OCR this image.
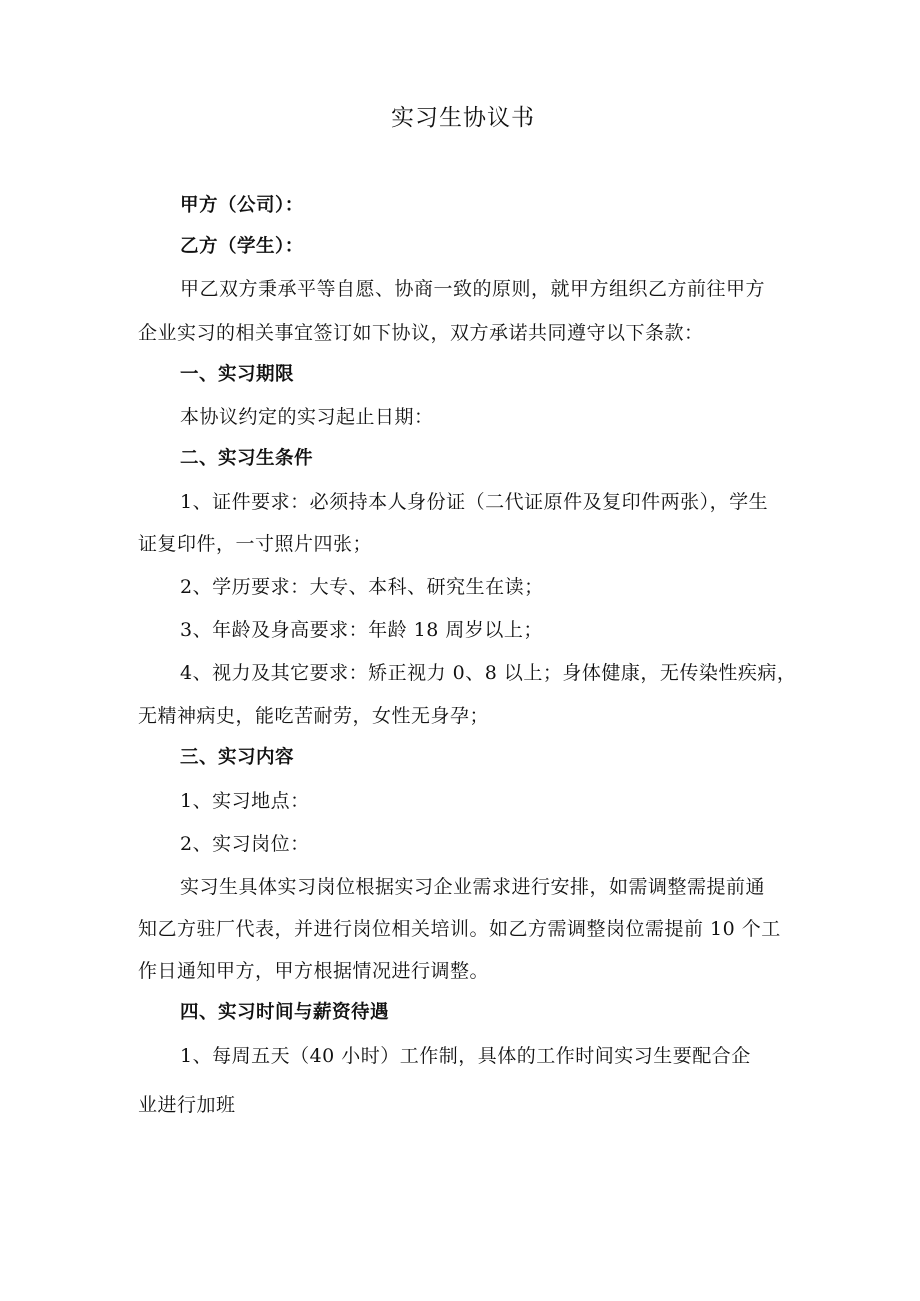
实习生协议书
甲方（公司）：
乙方（学生）：
甲乙双方秉承平等自愿、协商一致的原则，就甲方组织乙方前往甲方
企业实习的相关事宜签订如下协议，双方承诺共同遵守以下条款：
一、实习期限
本协议约定的实习起止日期：
二、实习生条件
1、证件要求：必须持本人身份证（二代证原件及复印件两张），学生
证复印件，一寸照片四张；
2、学历要求：大专、本科、研究生在读；
3、年龄及身高要求：年龄 18 周岁以上；
4、视力及其它要求：矫正视力 0、8 以上；身体健康，无传染性疾病，
无精神病史，能吃苦耐劳，女性无身孕；
三、实习内容
1、实习地点：
2、实习岗位：
实习生具体实习岗位根据实习企业需求进行安排，如需调整需提前通
知乙方驻厂代表，并进行岗位相关培训。如乙方需调整岗位需提前 10 个工
作日通知甲方，甲方根据情况进行调整。
四、实习时间与薪资待遇
1、每周五天（40 小时）工作制，具体的工作时间实习生要配合企
业进行加班
